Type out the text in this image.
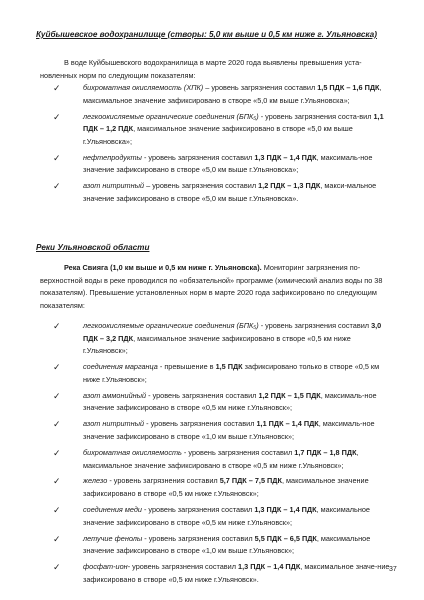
Куйбышевское водохранилище (створы: 5,0 км выше и 0,5 км ниже г. Ульяновска)

В воде Куйбышевского водохранилища в марте 2020 года выявлены превышения уста-
новленных норм по следующим показателям:

✓	бихроматная окисляемость (ХПК) – уровень загрязнения составил 1,5 ПДК – 1,6 ПДК, максимальное значение зафиксировано в створе «5,0 км выше г.Ульяновска»;
✓	легкоокисляемые органические соединения (БПК₅) - уровень загрязнения соста-вил 1,1 ПДК – 1,2 ПДК, максимальное значение зафиксировано в створе «5,0 км выше г.Ульяновска»;
✓	нефтепродукты - уровень загрязнения составил 1,3 ПДК – 1,4 ПДК, максималь-ное значение зафиксировано в створе «5,0 км выше г.Ульяновска»;
✓	азот нитритный – уровень загрязнения составил 1,2 ПДК – 1,3 ПДК, макси-мальное значение зафиксировано в створе «5,0 км выше г.Ульяновска».
Реки Ульяновской области

Река Свияга (1,0 км выше и 0,5 км ниже г. Ульяновска). Мониторинг загрязнения по-верхностной воды в реке проводился по «обязательной» программе (химический анализ воды по 38 показателям). Превышение установленных норм в марте 2020 года зафиксировано по следующим показателям:

✓	легкоокисляемые органические соединения (БПК₅) - уровень загрязнения составил 3,0 ПДК – 3,2 ПДК, максимальное значение зафиксировано в створе «0,5 км ниже г.Ульяновск»;
✓	соединения марганца - превышение в 1,5 ПДК зафиксировано только в створе «0,5 км ниже г.Ульяновск»;
✓	азот аммонийный - уровень загрязнения составил 1,2 ПДК – 1,5 ПДК, максималь-ное значение зафиксировано в створе «0,5 км ниже г.Ульяновск»;
✓	азот нитритный - уровень загрязнения составил 1,1 ПДК – 1,4 ПДК, максималь-ное значение зафиксировано в створе «1,0 км выше г.Ульяновск»;
✓	бихроматная окисляемость - уровень загрязнения составил 1,7 ПДК – 1,8 ПДК, максимальное значение зафиксировано в створе «0,5 км ниже г.Ульяновск»;
✓	железо - уровень загрязнения составил 5,7 ПДК – 7,5 ПДК, максимальное значение зафиксировано в створе «0,5 км ниже г.Ульяновск»;
✓	соединения меди - уровень загрязнения составил 1,3 ПДК – 1,4 ПДК, максимальное значение зафиксировано в створе «0,5 км ниже г.Ульяновск»;
✓	летучие фенолы - уровень загрязнения составил 5,5 ПДК – 6,5 ПДК, максимальное значение зафиксировано в створе «1,0 км выше г.Ульяновск»;
✓	фосфат-ион- уровень загрязнения составил 1,3 ПДК – 1,4 ПДК, максимальное значе-ние зафиксировано в створе «0,5 км ниже г.Ульяновск».
37
